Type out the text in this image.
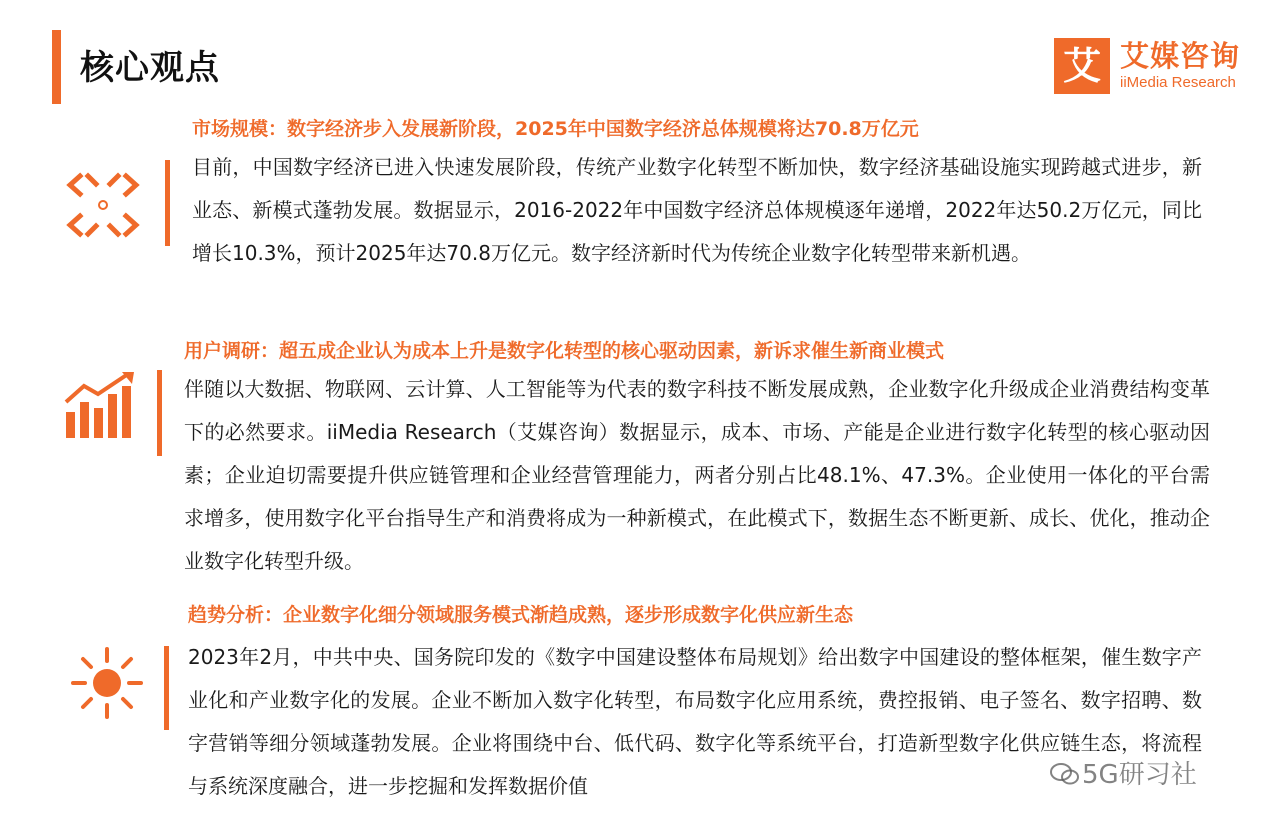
核心观点	艾 艾媒咨询
iiMedia Research
市场规模：数字经济步入发展新阶段，2025年中国数字经济总体规模将达70.8万亿元

目前，中国数字经济已进入快速发展阶段，传统产业数字化转型不断加快，数字经济基础设施实现跨越式进步，新业态、新模式蓬勃发展。数据显示，2016-2022年中国数字经济总体规模逐年递增，2022年达50.2万亿元，同比增长10.3%，预计2025年达70.8万亿元。数字经济新时代为传统企业数字化转型带来新机遇。

用户调研：超五成企业认为成本上升是数字化转型的核心驱动因素，新诉求催生新商业模式

伴随以大数据、物联网、云计算、人工智能等为代表的数字科技不断发展成熟，企业数字化升级成企业消费结构变革下的必然要求。iiMedia Research（艾媒咨询）数据显示，成本、市场、产能是企业进行数字化转型的核心驱动因素；企业迫切需要提升供应链管理和企业经营管理能力，两者分别占比48.1%、47.3%。企业使用一体化的平台需求增多，使用数字化平台指导生产和消费将成为一种新模式，在此模式下，数据生态不断更新、成长、优化，推动企业数字化转型升级。

趋势分析：企业数字化细分领域服务模式渐趋成熟，逐步形成数字化供应新生态

2023年2月，中共中央、国务院印发的《数字中国建设整体布局规划》给出数字中国建设的整体框架，催生数字产业化和产业数字化的发展。企业不断加入数字化转型，布局数字化应用系统，费控报销、电子签名、数字招聘、数字营销等细分领域蓬勃发展。企业将围绕中台、低代码、数字化等系统平台，打造新型数字化供应链生态，将流程与系统深度融合，进一步挖掘和发挥数据价值	5G研习社
